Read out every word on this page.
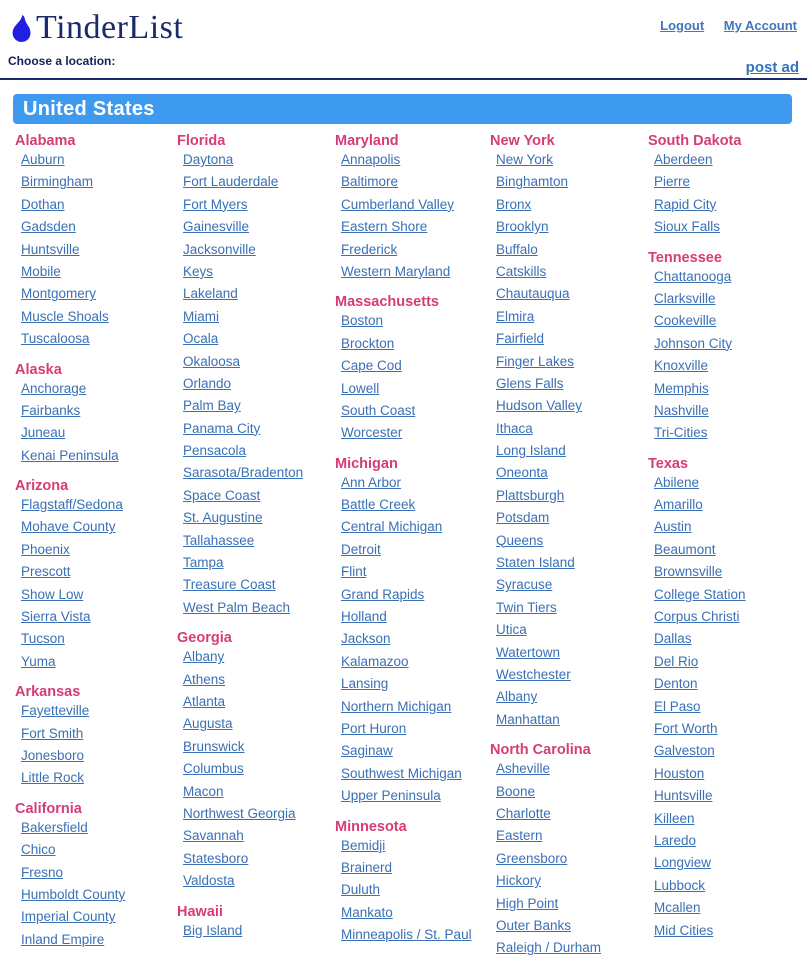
TinderList	Logout My Account
Choose a location:	post ad
United States
Alabama
Auburn
Birmingham
Dothan
Gadsden
Huntsville
Mobile
Montgomery
Muscle Shoals
Tuscaloosa
Alaska
Anchorage
Fairbanks
Juneau
Kenai Peninsula
Arizona
Flagstaff/Sedona
Mohave County
Phoenix
Prescott
Show Low
Sierra Vista
Tucson
Yuma
Arkansas
Fayetteville
Fort Smith
Jonesboro
Little Rock
California
Bakersfield
Chico
Fresno
Humboldt County
Imperial County
Inland Empire
Florida
Daytona
Fort Lauderdale
Fort Myers
Gainesville
Jacksonville
Keys
Lakeland
Miami
Ocala
Okaloosa
Orlando
Palm Bay
Panama City
Pensacola
Sarasota/Bradenton
Space Coast
St. Augustine
Tallahassee
Tampa
Treasure Coast
West Palm Beach
Georgia
Albany
Athens
Atlanta
Augusta
Brunswick
Columbus
Macon
Northwest Georgia
Savannah
Statesboro
Valdosta
Hawaii
Big Island
Maryland
Annapolis
Baltimore
Cumberland Valley
Eastern Shore
Frederick
Western Maryland
Massachusetts
Boston
Brockton
Cape Cod
Lowell
South Coast
Worcester
Michigan
Ann Arbor
Battle Creek
Central Michigan
Detroit
Flint
Grand Rapids
Holland
Jackson
Kalamazoo
Lansing
Northern Michigan
Port Huron
Saginaw
Southwest Michigan
Upper Peninsula
Minnesota
Bemidji
Brainerd
Duluth
Mankato
Minneapolis / St. Paul
New York
New York
Binghamton
Bronx
Brooklyn
Buffalo
Catskills
Chautauqua
Elmira
Fairfield
Finger Lakes
Glens Falls
Hudson Valley
Ithaca
Long Island
Oneonta
Plattsburgh
Potsdam
Queens
Staten Island
Syracuse
Twin Tiers
Utica
Watertown
Westchester
Albany
Manhattan
North Carolina
Asheville
Boone
Charlotte
Eastern
Greensboro
Hickory
High Point
Outer Banks
Raleigh / Durham
South Dakota
Aberdeen
Pierre
Rapid City
Sioux Falls
Tennessee
Chattanooga
Clarksville
Cookeville
Johnson City
Knoxville
Memphis
Nashville
Tri-Cities
Texas
Abilene
Amarillo
Austin
Beaumont
Brownsville
College Station
Corpus Christi
Dallas
Del Rio
Denton
El Paso
Fort Worth
Galveston
Houston
Huntsville
Killeen
Laredo
Longview
Lubbock
Mcallen
Mid Cities
